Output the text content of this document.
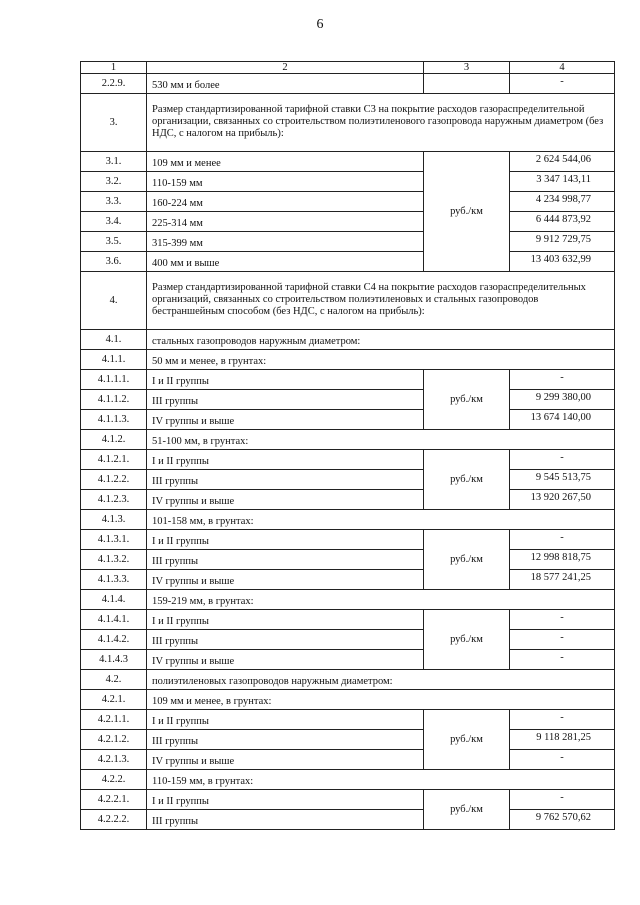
6
1	2	3	4
2.2.9.	530 мм и более		-
3.	Размер стандартизированной тарифной ставки С3 на покрытие расходов газораспределительной организации, связанных со строительством полиэтиленового газопровода наружным диаметром (без НДС, с налогом на прибыль):		
3.1.	109 мм и менее	руб./км	2 624 544,06
3.2.	110-159 мм		3 347 143,11
3.3.	160-224 мм		4 234 998,77
3.4.	225-314 мм		6 444 873,92
3.5.	315-399 мм		9 912 729,75
3.6.	400 мм и выше		13 403 632,99
4.	Размер стандартизированной тарифной ставки С4 на покрытие расходов газораспределительных организаций, связанных со строительством полиэтиленовых и стальных газопроводов бестраншейным способом (без НДС, с налогом на прибыль):		
4.1.	стальных газопроводов наружным диаметром:		
4.1.1.	50 мм и менее, в грунтах:		
4.1.1.1.	I и II группы	руб./км	-
4.1.1.2.	III группы		9 299 380,00
4.1.1.3.	IV группы и выше		13 674 140,00
4.1.2.	51-100 мм, в грунтах:		
4.1.2.1.	I и II группы	руб./км	-
4.1.2.2.	III группы		9 545 513,75
4.1.2.3.	IV группы и выше		13 920 267,50
4.1.3.	101-158 мм, в грунтах:		
4.1.3.1.	I и II группы	руб./км	-
4.1.3.2.	III группы		12 998 818,75
4.1.3.3.	IV группы и выше		18 577 241,25
4.1.4.	159-219 мм, в грунтах:		
4.1.4.1.	I и II группы	руб./км	-
4.1.4.2.	III группы		-
4.1.4.3	IV группы и выше		-
4.2.	полиэтиленовых газопроводов наружным диаметром:		
4.2.1.	109 мм и менее, в грунтах:		
4.2.1.1.	I и II группы	руб./км	-
4.2.1.2.	III группы		9 118 281,25
4.2.1.3.	IV группы и выше		-
4.2.2.	110-159 мм, в грунтах:		
4.2.2.1.	I и II группы	руб./км	-
4.2.2.2.	III группы		9 762 570,62
